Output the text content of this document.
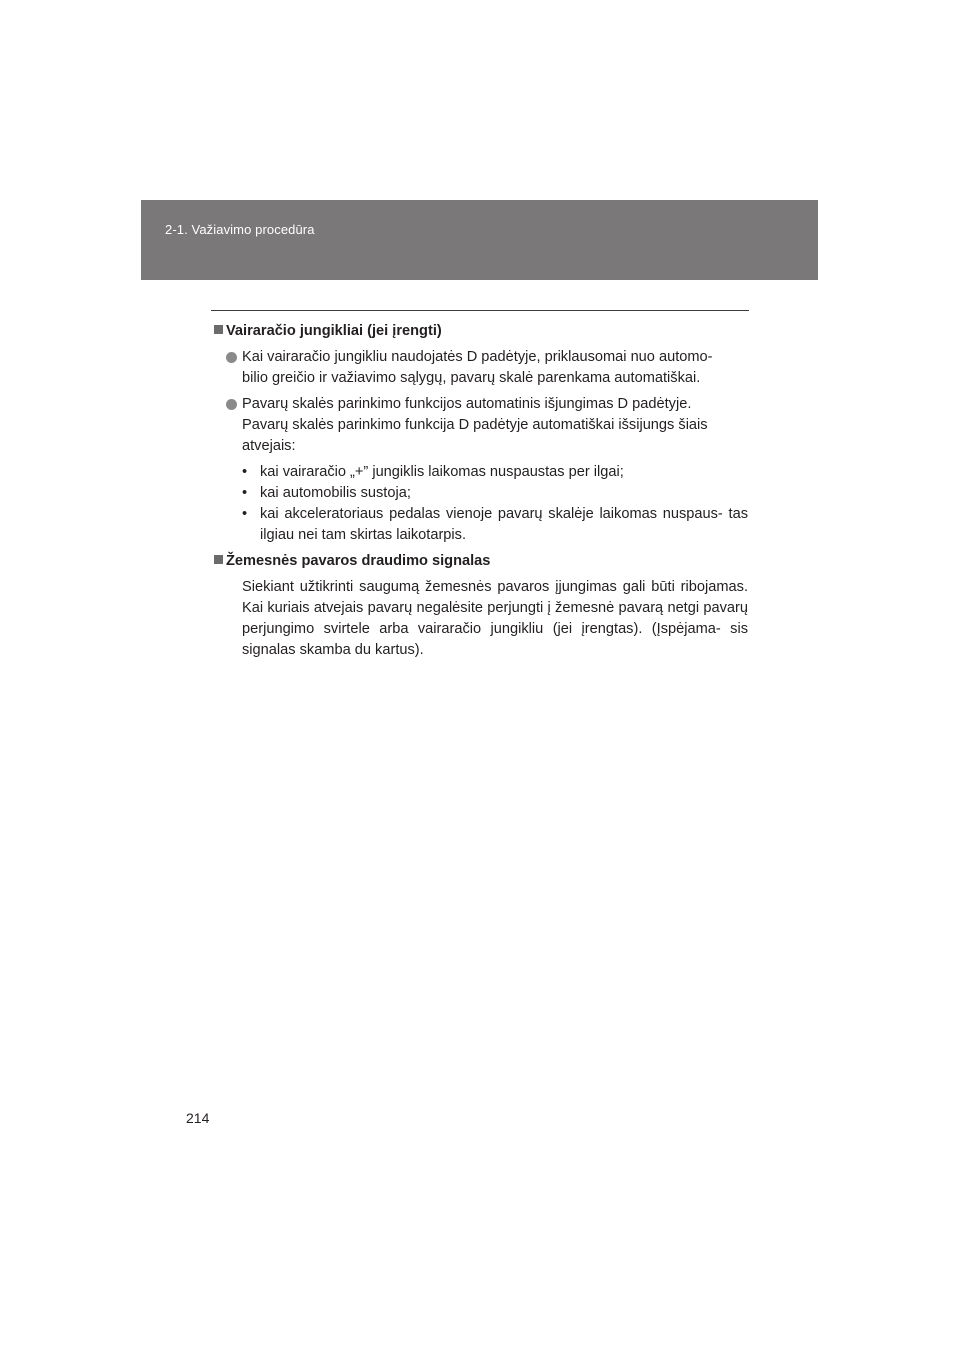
2-1. Važiavimo procedūra
Vairaračio jungikliai (jei įrengti)

Kai vairaračio jungikliu naudojatės D padėtyje, priklausomai nuo automo-

bilio greičio ir važiavimo sąlygų, pavarų skalė parenkama automatiškai.

Pavarų skalės parinkimo funkcijos automatinis išjungimas D padėtyje.

Pavarų skalės parinkimo funkcija D padėtyje automatiškai išsijungs šiais

atvejais:

• kai vairaračio „+” jungiklis laikomas nuspaustas per ilgai;
• kai automobilis sustoja;
• kai akceleratoriaus pedalas vienoje pavarų skalėje laikomas nuspaus- tas ilgiau nei tam skirtas laikotarpis.
Žemesnės pavaros draudimo signalas

Siekiant užtikrinti saugumą žemesnės pavaros įjungimas gali būti ribojamas. Kai kuriais atvejais pavarų negalėsite perjungti į žemesnė pavarą netgi pavarų perjungimo svirtele arba vairaračio jungikliu (jei įrengtas). (Įspėjama- sis signalas skamba du kartus).

214
